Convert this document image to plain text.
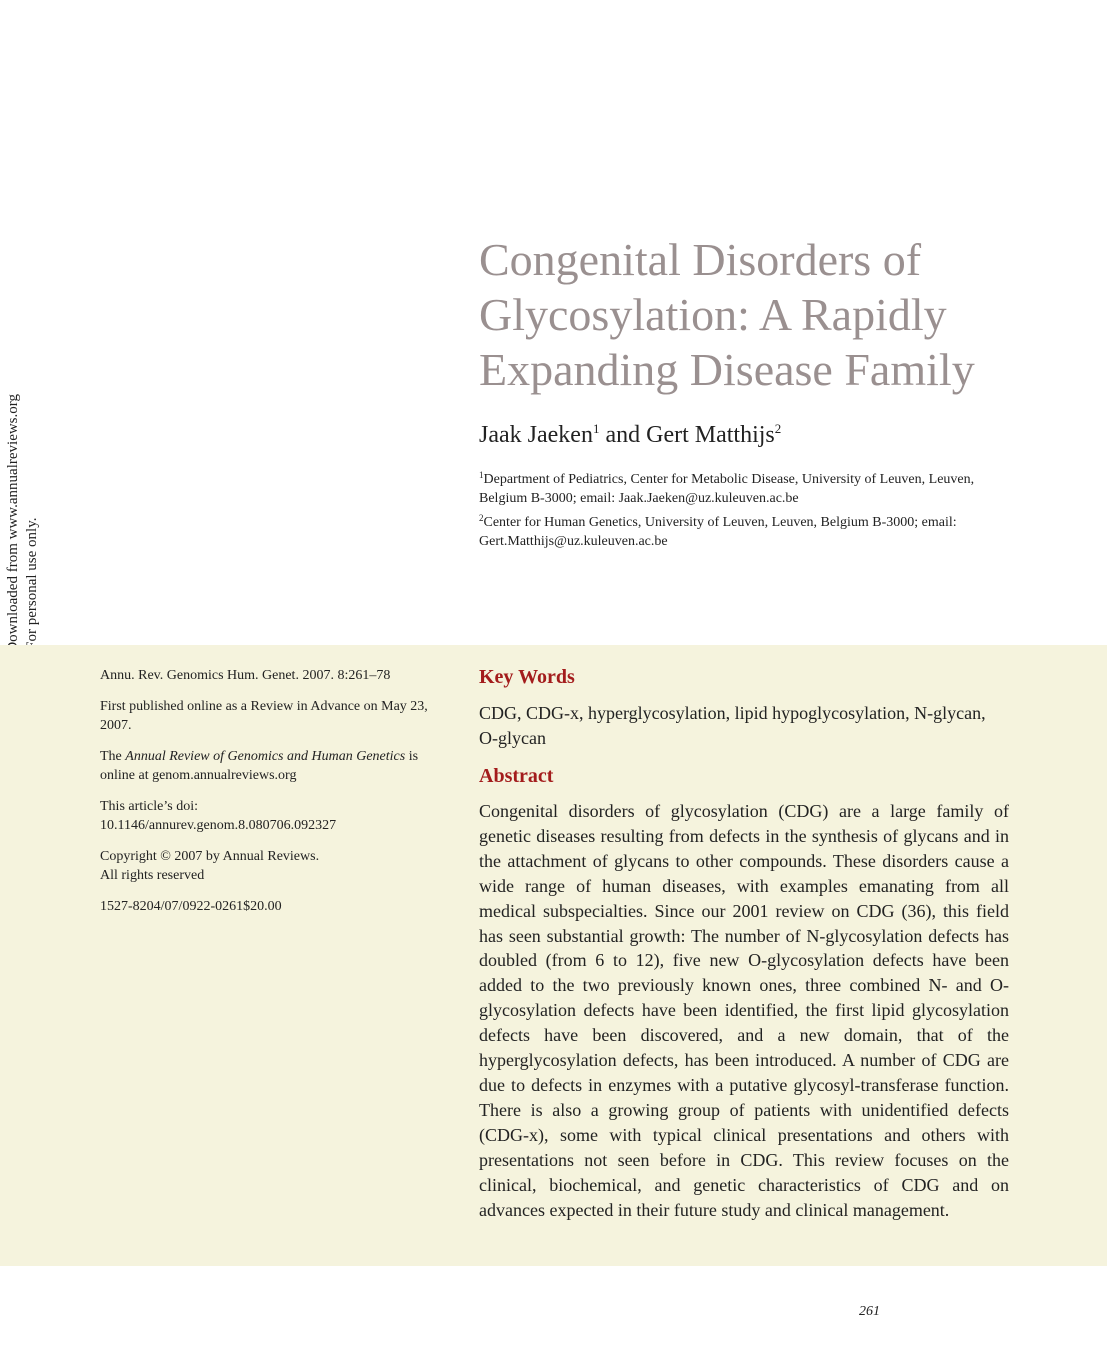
Congenital Disorders of
Glycosylation: A Rapidly
Expanding Disease Family
Jaak Jaeken$^1$ and Gert Matthijs$^2$
$^1$Department of Pediatrics, Center for Metabolic Disease, University of Leuven, Leuven, Belgium B-3000; email: Jaak.Jaeken@uz.kuleuven.ac.be
$^2$Center for Human Genetics, University of Leuven, Leuven, Belgium B-3000; email: Gert.Matthijs@uz.kuleuven.ac.be

Annu. Rev. Genomics Hum. Genet. 2007. 8:261–78

First published online as a Review in Advance on May 23, 2007.

The Annual Review of Genomics and Human Genetics is online at genom.annualreviews.org

This article’s doi:
10.1146/annurev.genom.8.080706.092327

Copyright © 2007 by Annual Reviews.
All rights reserved

1527-8204/07/0922-0261$20.00

Key Words
CDG, CDG-x, hyperglycosylation, lipid hypoglycosylation, N-glycan, O-glycan
Abstract
Congenital disorders of glycosylation (CDG) are a large family of genetic diseases resulting from defects in the synthesis of glycans and in the attachment of glycans to other compounds. These disorders cause a wide range of human diseases, with examples emanating from all medical subspecialties. Since our 2001 review on CDG (36), this field has seen substantial growth: The number of N-glycosylation defects has doubled (from 6 to 12), five new O-glycosylation defects have been added to the two previously known ones, three combined N- and O-glycosylation defects have been identified, the first lipid glycosylation defects have been discovered, and a new domain, that of the hyperglycosylation defects, has been introduced. A number of CDG are due to defects in enzymes with a putative glycosyl-transferase function. There is also a growing group of patients with unidentified defects (CDG-x), some with typical clinical presentations and others with presentations not seen before in CDG. This review focuses on the clinical, biochemical, and genetic characteristics of CDG and on advances expected in their future study and clinical management.
261
